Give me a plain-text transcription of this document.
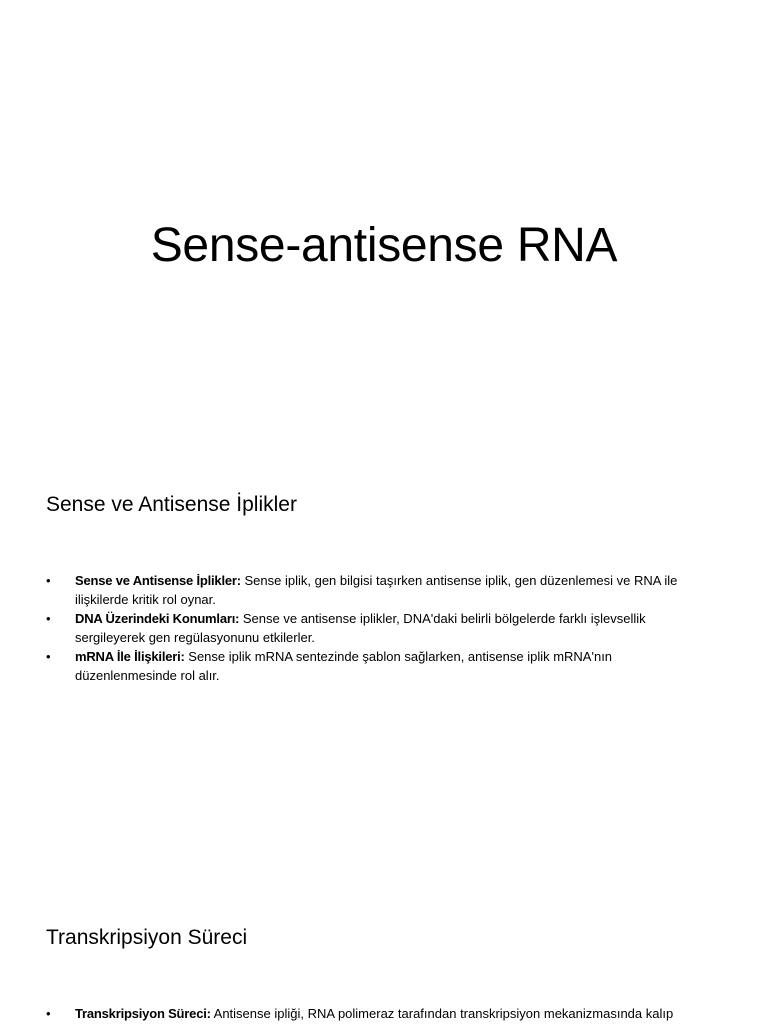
Sense-antisense RNA
Sense ve Antisense İplikler
• Sense ve Antisense İplikler: Sense iplik, gen bilgisi taşırken antisense iplik, gen düzenlemesi ve RNA ile ilişkilerde kritik rol oynar.
• DNA Üzerindeki Konumları: Sense ve antisense iplikler, DNA'daki belirli bölgelerde farklı işlevsellik sergileyerek gen regülasyonunu etkilerler.
• mRNA İle İlişkileri: Sense iplik mRNA sentezinde şablon sağlarken, antisense iplik mRNA'nın düzenlenmesinde rol alır.
Transkripsiyon Süreci
• Transkripsiyon Süreci: Antisense ipliği, RNA polimeraz tarafından transkripsiyon mekanizmasında kalıp
